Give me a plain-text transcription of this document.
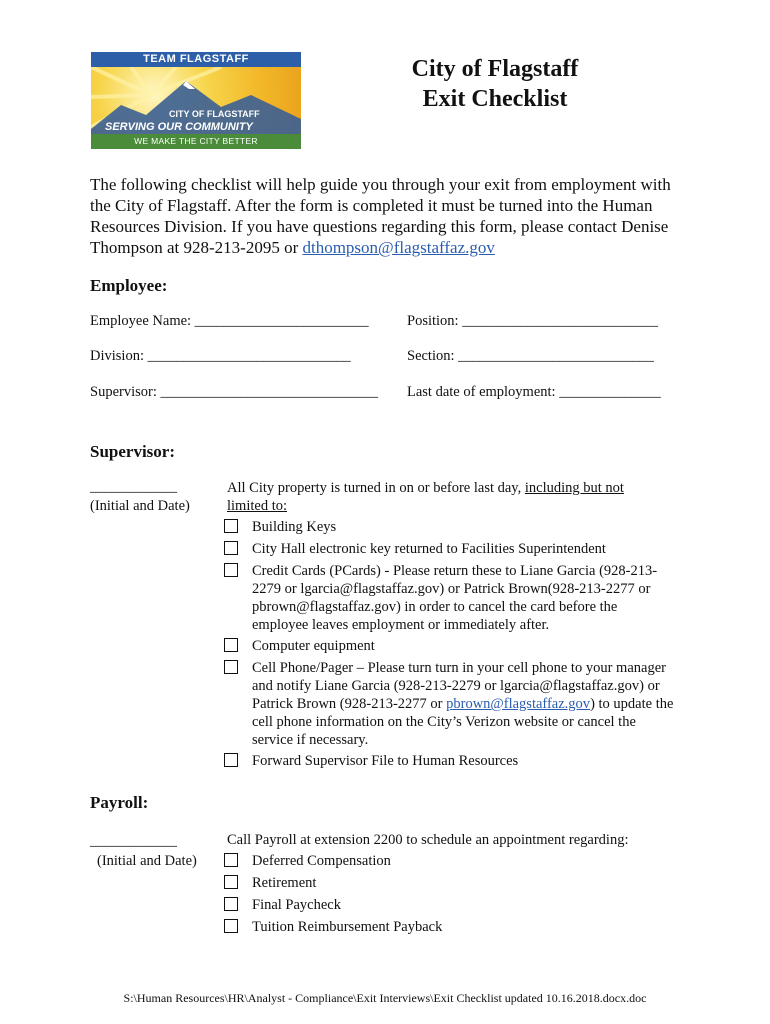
TEAM FLAGSTAFF
CITY OF FLAGSTAFF
SERVING OUR COMMUNITY
WE MAKE THE CITY BETTER
City of Flagstaff
Exit Checklist
The following checklist will help guide you through your exit from employment with the City of Flagstaff. After the form is completed it must be turned into the Human Resources Division. If you have questions regarding this form, please contact Denise Thompson at 928-213-2095 or dthompson@flagstaffaz.gov
Employee:
Employee Name: ________________________	Position: ___________________________
Division: ____________________________	Section: ___________________________
Supervisor: ______________________________ Last date of employment: ______________
Supervisor:
____________
(Initial and Date)
All City property is turned in on or before last day, including but not limited to:
Building Keys
City Hall electronic key returned to Facilities Superintendent
Credit Cards (PCards) - Please return these to Liane Garcia (928-213-2279 or lgarcia@flagstaffaz.gov) or Patrick Brown(928-213-2277 or pbrown@flagstaffaz.gov) in order to cancel the card before the employee leaves employment or immediately after.
Computer equipment
Cell Phone/Pager – Please turn turn in your cell phone to your manager and notify Liane Garcia (928-213-2279 or lgarcia@flagstaffaz.gov) or Patrick Brown (928-213-2277 or pbrown@flagstaffaz.gov) to update the cell phone information on the City’s Verizon website or cancel the service if necessary.
Forward Supervisor File to Human Resources
Payroll:
____________
(Initial and Date)
Call Payroll at extension 2200 to schedule an appointment regarding:
Deferred Compensation
Retirement
Final Paycheck
Tuition Reimbursement Payback
S:\Human Resources\HR\Analyst - Compliance\Exit Interviews\Exit Checklist updated 10.16.2018.docx.doc
